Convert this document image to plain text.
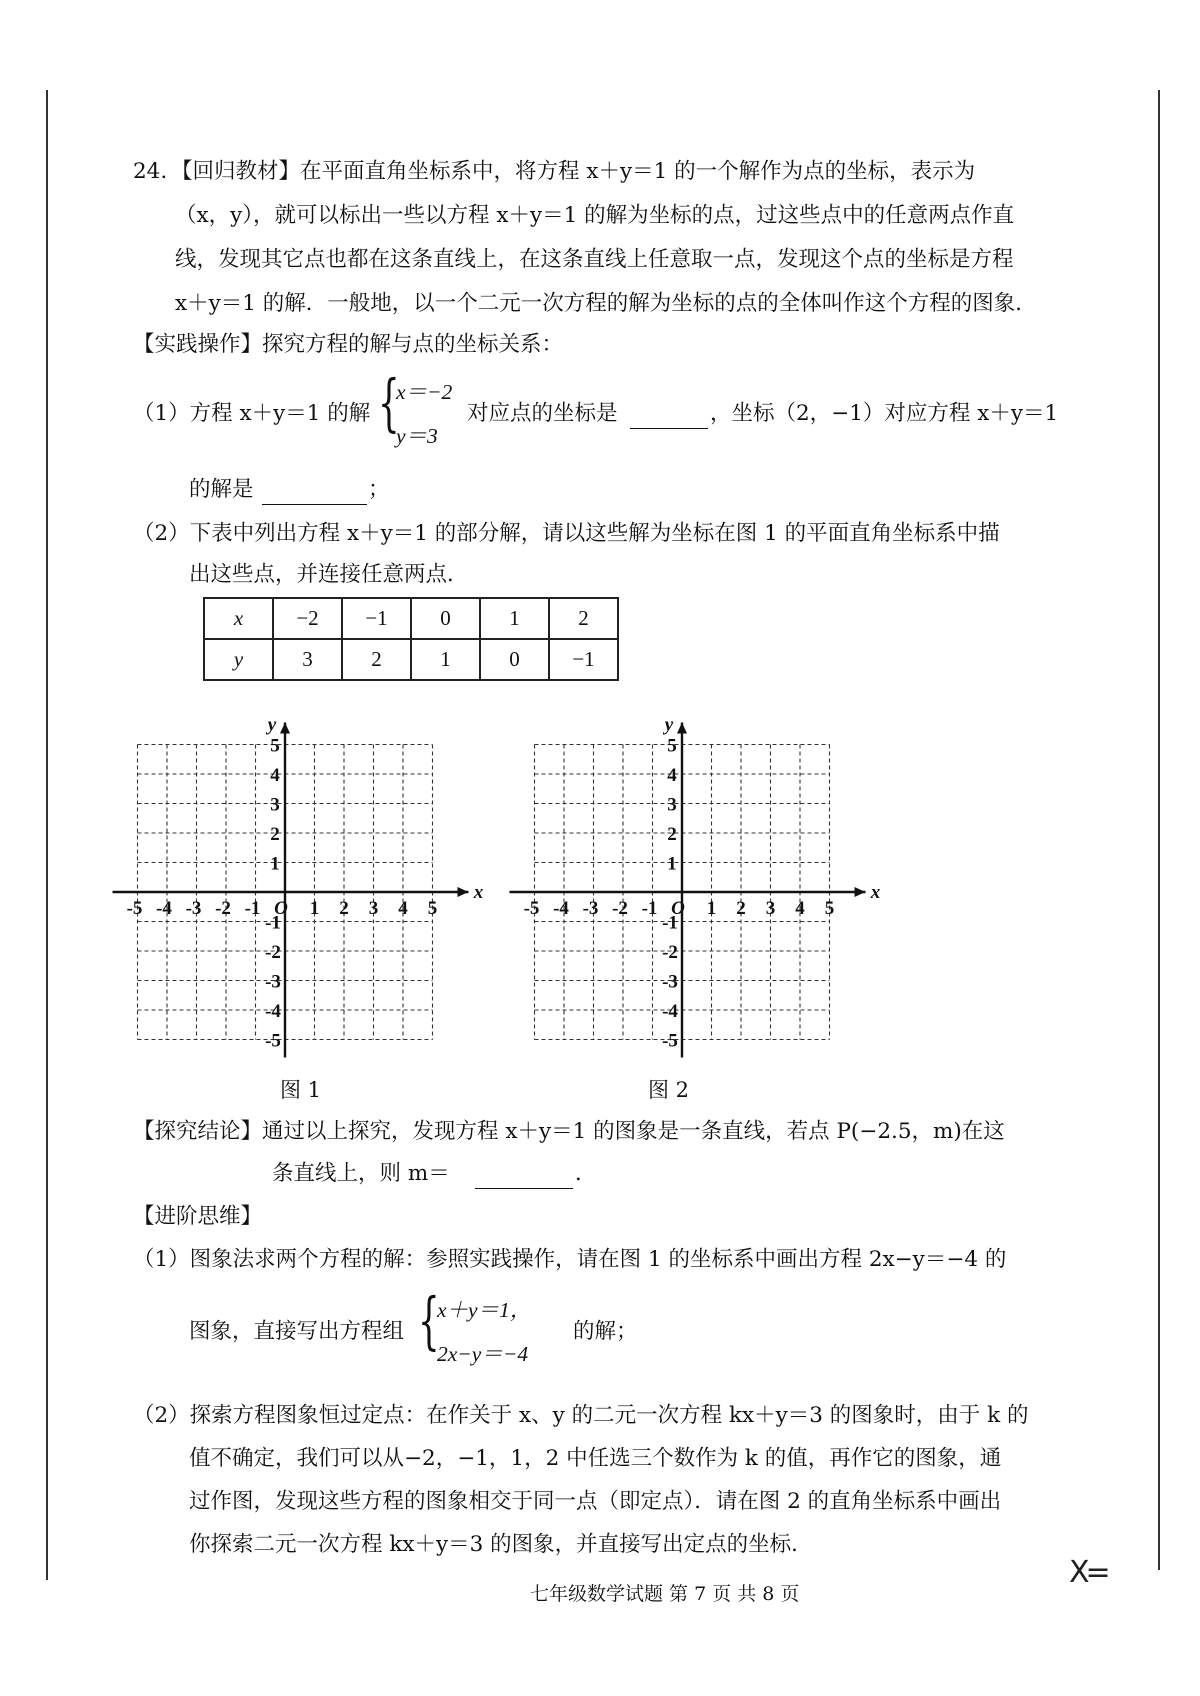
24. 【回归教材】在平面直角坐标系中，将方程 x＋y＝1 的一个解作为点的坐标，表示为
（x，y），就可以标出一些以方程 x＋y＝1 的解为坐标的点，过这些点中的任意两点作直
线，发现其它点也都在这条直线上，在这条直线上任意取一点，发现这个点的坐标是方程
x＋y＝1 的解．一般地，以一个二元一次方程的解为坐标的点的全体叫作这个方程的图象．
【实践操作】探究方程的解与点的坐标关系：
（1）方程 x＋y＝1 的解 {
x＝−2
y＝3
对应点的坐标是	，坐标（2，−1）对应方程 x＋y＝1
的解是	；
（2）下表中列出方程 x＋y＝1 的部分解，请以这些解为坐标在图 1 的平面直角坐标系中描
出这些点，并连接任意两点．
x	−2	−1	0	1	2
y	3	2	1	0	−1
x
y
O
-5 -4 -3 -2 -1	1 2 3 4 5
5
4
3
2
1
-1
-2
-3
-4
-5
x
y
O
-5 -4 -3 -2 -1	1 2 3 4 5
5
4
3
2
1
-1
-2
-3
-4
-5
图 1	图 2
【探究结论】通过以上探究，发现方程 x＋y＝1 的图象是一条直线，若点 P(−2.5，m)在这
条直线上，则 m＝	．
【进阶思维】
（1）图象法求两个方程的解：参照实践操作，请在图 1 的坐标系中画出方程 2x−y＝−4 的
图象，直接写出方程组 {
x＋y＝1，
2x−y＝−4
的解；
（2）探索方程图象恒过定点：在作关于 x、y 的二元一次方程 kx＋y＝3 的图象时，由于 k 的
值不确定，我们可以从−2，−1，1，2 中任选三个数作为 k 的值，再作它的图象，通
过作图，发现这些方程的图象相交于同一点（即定点）．请在图 2 的直角坐标系中画出
你探索二元一次方程 kx＋y＝3 的图象，并直接写出定点的坐标．
七年级数学试题 第 7 页 共 8 页
X=
